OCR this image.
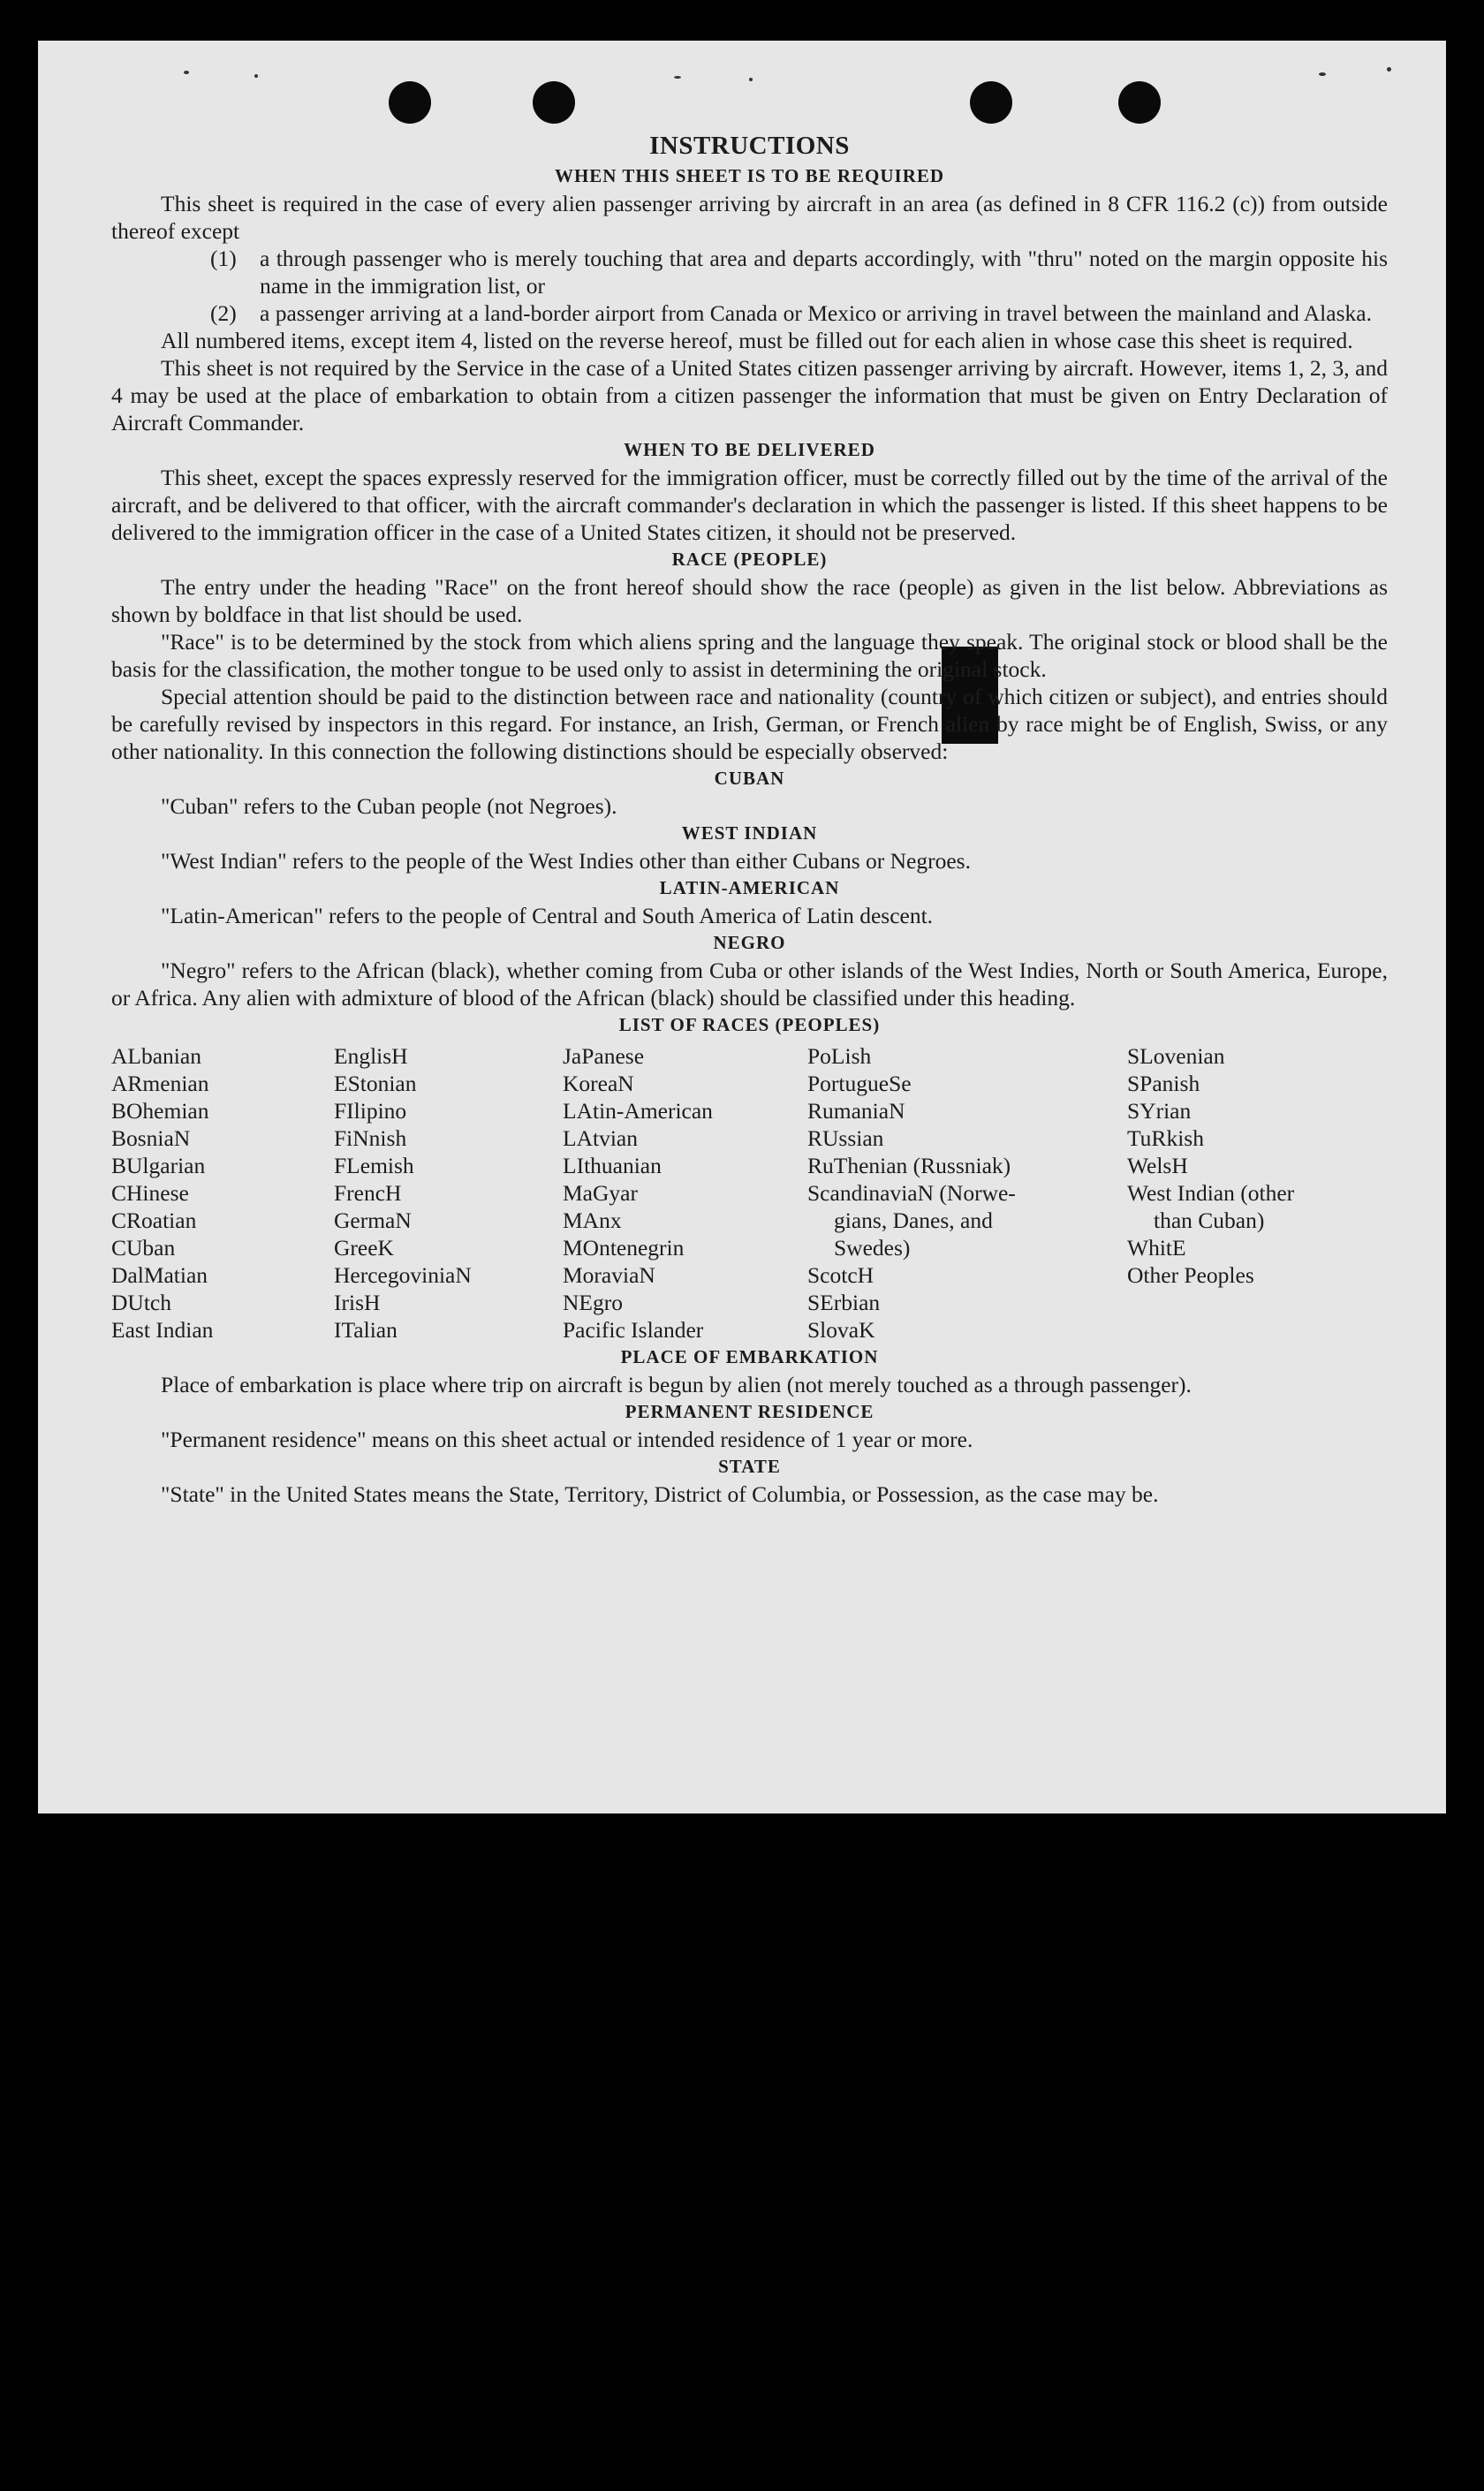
INSTRUCTIONS
WHEN THIS SHEET IS TO BE REQUIRED

This sheet is required in the case of every alien passenger arriving by aircraft in an area (as defined in 8 CFR 116.2 (c)) from outside thereof except

(1)	a through passenger who is merely touching that area and departs accordingly, with "thru" noted on the margin opposite his name in the immigration list, or
(2)	a passenger arriving at a land-border airport from Canada or Mexico or arriving in travel between the mainland and Alaska.

All numbered items, except item 4, listed on the reverse hereof, must be filled out for each alien in whose case this sheet is required.

This sheet is not required by the Service in the case of a United States citizen passenger arriving by aircraft. However, items 1, 2, 3, and 4 may be used at the place of embarkation to obtain from a citizen passenger the information that must be given on Entry Declaration of Aircraft Commander.

WHEN TO BE DELIVERED

This sheet, except the spaces expressly reserved for the immigration officer, must be correctly filled out by the time of the arrival of the aircraft, and be delivered to that officer, with the aircraft commander's declaration in which the passenger is listed. If this sheet happens to be delivered to the immigration officer in the case of a United States citizen, it should not be preserved.

RACE (PEOPLE)

The entry under the heading "Race" on the front hereof should show the race (people) as given in the list below. Abbreviations as shown by boldface in that list should be used.

"Race" is to be determined by the stock from which aliens spring and the language they speak. The original stock or blood shall be the basis for the classification, the mother tongue to be used only to assist in determining the original stock.

Special attention should be paid to the distinction between race and nationality (country of which citizen or subject), and entries should be carefully revised by inspectors in this regard. For instance, an Irish, German, or French alien by race might be of English, Swiss, or any other nationality. In this connection the following distinctions should be especially observed:

CUBAN

"Cuban" refers to the Cuban people (not Negroes).

WEST INDIAN

"West Indian" refers to the people of the West Indies other than either Cubans or Negroes.

LATIN-AMERICAN

"Latin-American" refers to the people of Central and South America of Latin descent.

NEGRO

"Negro" refers to the African (black), whether coming from Cuba or other islands of the West Indies, North or South America, Europe, or Africa. Any alien with admixture of blood of the African (black) should be classified under this heading.

LIST OF RACES (PEOPLES)
ALbanian
ARmenian
BOhemian
BosniaN
BUlgarian
CHinese
CRoatian
CUban
DalMatian
DUtch
East Indian
EnglisH
EStonian
FIlipino
FiNnish
FLemish
FrencH
GermaN
GreeK
HercegoviniaN
IrisH
ITalian
JaPanese
KoreaN
LAtin-American
LAtvian
LIthuanian
MaGyar
MAnx
MOntenegrin
MoraviaN
NEgro
Pacific Islander
PoLish
PortugueSe
RumaniaN
RUssian
RuThenian (Russniak)
ScandinaviaN (Norwe-
gians, Danes, and
Swedes)
ScotcH
SErbian
SlovaK
SLovenian
SPanish
SYrian
TuRkish
WelsH
West Indian (other
than Cuban)
WhitE
Other Peoples
PLACE OF EMBARKATION

Place of embarkation is place where trip on aircraft is begun by alien (not merely touched as a through passenger).

PERMANENT RESIDENCE

"Permanent residence" means on this sheet actual or intended residence of 1 year or more.

STATE

"State" in the United States means the State, Territory, District of Columbia, or Possession, as the case may be.
